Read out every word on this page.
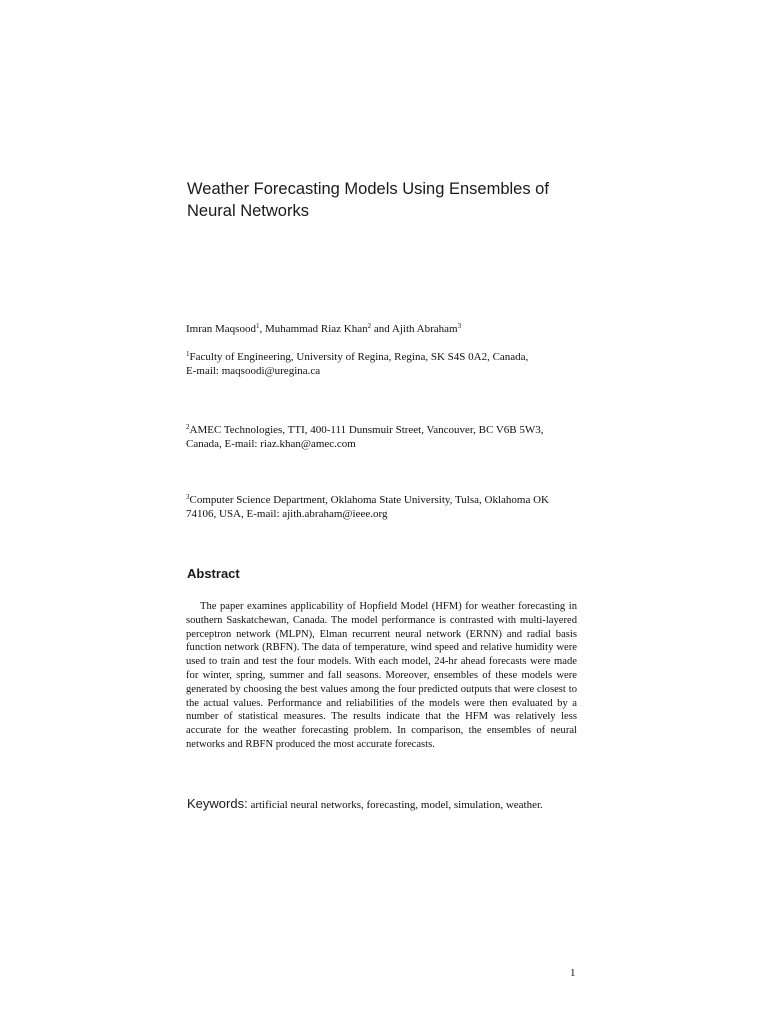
Weather Forecasting Models Using Ensembles of
Neural Networks

Imran Maqsood$^1$, Muhammad Riaz Khan$^2$ and Ajith Abraham$^3$

$^1$Faculty of Engineering, University of Regina, Regina, SK S4S 0A2, Canada,
E-mail: maqsoodi@uregina.ca

$^2$AMEC Technologies, TTI, 400-111 Dunsmuir Street, Vancouver, BC V6B 5W3,
Canada, E-mail: riaz.khan@amec.com

$^3$Computer Science Department, Oklahoma State University, Tulsa, Oklahoma OK
74106, USA, E-mail: ajith.abraham@ieee.org

Abstract

The paper examines applicability of Hopfield Model (HFM) for weather forecasting in southern Saskatchewan, Canada. The model performance is contrasted with multi-layered perceptron network (MLPN), Elman recurrent neural network (ERNN) and radial basis function network (RBFN). The data of temperature, wind speed and relative humidity were used to train and test the four models. With each model, 24-hr ahead forecasts were made for winter, spring, summer and fall seasons. Moreover, ensembles of these models were generated by choosing the best values among the four predicted outputs that were closest to the actual values. Performance and reliabilities of the models were then evaluated by a number of statistical measures. The results indicate that the HFM was relatively less accurate for the weather forecasting problem. In comparison, the ensembles of neural networks and RBFN produced the most accurate forecasts.

Keywords: artificial neural networks, forecasting, model, simulation, weather.

1
